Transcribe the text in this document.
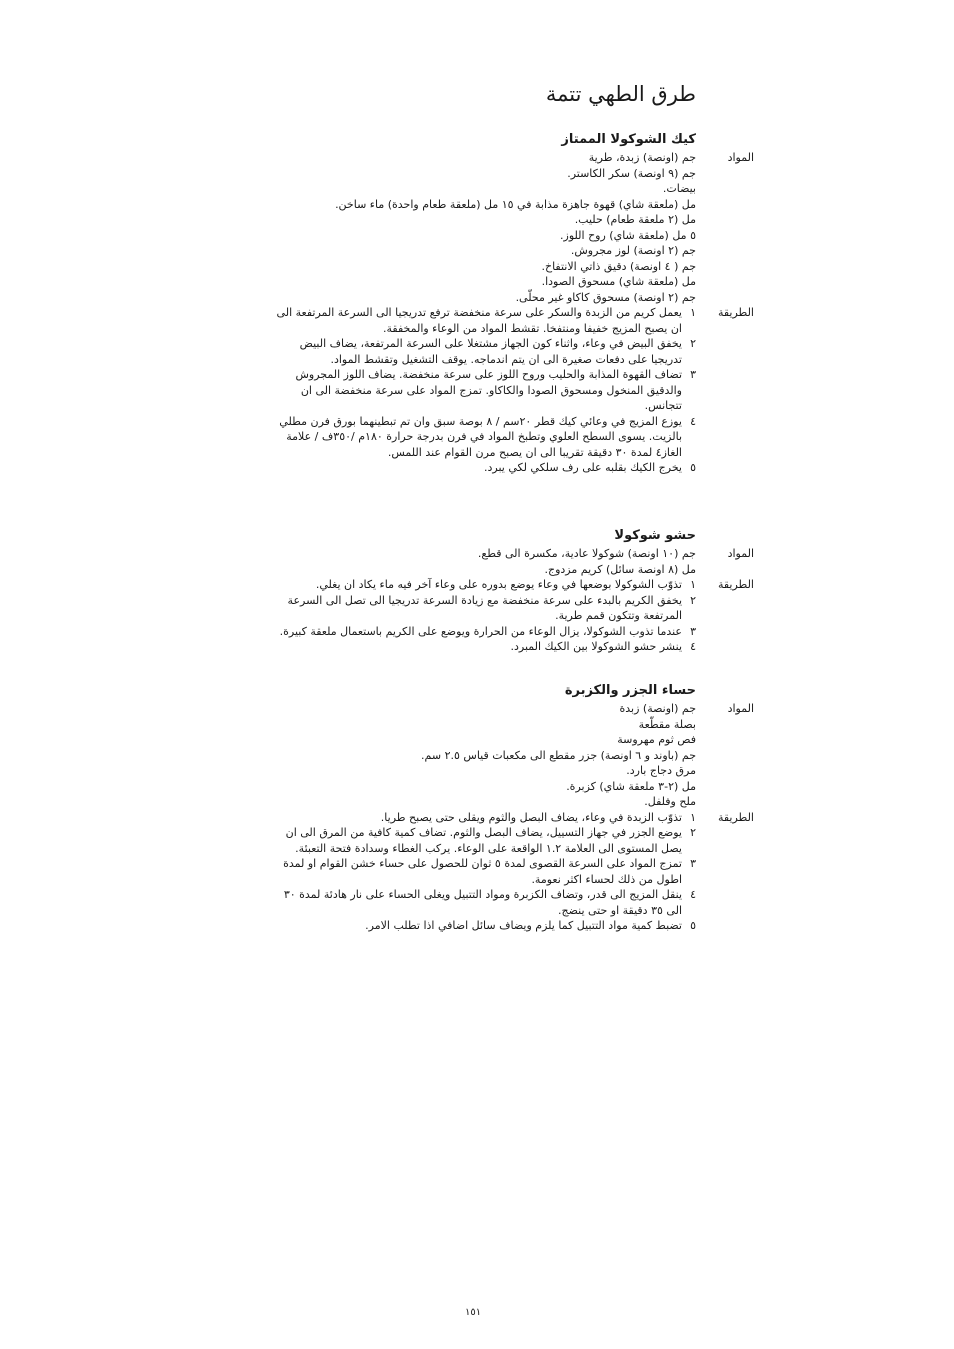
طرق الطهي تتمة
كيك الشوكولا الممتاز
المواد
جم (اونصة) زبدة، طرية
جم (٩ اونصة) سكر الكاستر.
بيضات.
مل (ملعقة شاي) قهوة جاهزة مذابة في ١٥ مل (ملعقة طعام واحدة) ماء ساخن.
مل (٢ ملعقة طعام) حليب.
٥ مل (ملعقة شاي) روح اللوز.
جم (٢ اونصة) لوز مجروش.
جم ( ٤ اونصة) دقيق ذاتي الانتفاخ.
مل (ملعقة شاي) مسحوق الصودا.
جم (٢ اونصة) مسحوق كاكاو غير محلّى.
الطريقة
١
يعمل كريم من الزبدة والسكر على سرعة منخفضة ترفع تدريجيا الى السرعة المرتفعة الى ان يصبح المزيج خفيفا ومنتفخا. تقشط المواد من الوعاء والمخفقة.
٢
يخفق البيض في وعاء، واثناء كون الجهاز مشتغلا على السرعة المرتفعة، يضاف البيض تدريجيا على دفعات صغيرة الى ان يتم اندماجه. يوقف التشغيل وتقشط المواد.
٣
تضاف القهوة المذابة والحليب وروح اللوز على سرعة منخفضة. يضاف اللوز المجروش والدقيق المنخول ومسحوق الصودا والكاكاو. تمزج المواد على سرعة منخفضة الى ان تتجانس.
٤
يوزع المزيج في وعائي كيك قطر ٢٠سم / ٨ بوصة سبق وان تم تبطينهما بورق فرن مطلي بالزيت. يسوى السطح العلوي وتطبخ المواد في فرن بدرجة حرارة ١٨٠م /٣٥٠ف / علامة الغاز٤ لمدة ٣٠ دقيقة تقريبا الى ان يصبح مرن القوام عند اللمس.
٥
يخرج الكيك بقلبه على رف سلكي لكي يبرد.
حشو شوكولا
المواد
جم (١٠ اونصة) شوكولا عادية، مكسرة الى قطع.
مل (٨ اونصة سائل) كريم مزدوج.
الطريقة
١
تذوّب الشوكولا بوضعها في وعاء يوضع بدوره على وعاء آخر فيه ماء يكاد ان يغلي.
٢
يخفق الكريم بالبدء على سرعة منخفضة مع زيادة السرعة تدريجيا الى تصل الى السرعة المرتفعة وتتكون قمم طرية.
٣
عندما تذوب الشوكولا، يزال الوعاء من الحرارة ويوضع على الكريم باستعمال ملعقة كبيرة.
٤
ينشر حشو الشوكولا بين الكيك المبرد.
حساء الجزر والكزبرة
المواد
جم (اونصة) زبدة
بصلة مقطّعة
فص ثوم مهروسة
جم (باوند و ٦ اونصة) جزر مقطع الى مكعبات قياس ٢.٥ سم.
مرق دجاج بارد.
مل (٢-٣ ملعقة شاي) كزبرة.
ملح وفلفل.
الطريقة
١
تذوّب الزبدة في وعاء، يضاف البصل والثوم ويقلى حتى يصبح طريا.
٢
يوضع الجزر في جهاز التسييل، يضاف البصل والثوم. تضاف كمية كافية من المرق الى ان يصل المستوى الى العلامة ١.٢ الواقعة على الوعاء. يركب الغطاء وسدادة فتحة التعبئة.
٣
تمزج المواد على السرعة القصوى لمدة ٥ ثوان للحصول على حساء خشن القوام او لمدة اطول من ذلك لحساء اكثر نعومة.
٤
ينقل المزيج الى قدر، وتضاف الكزبرة ومواد التتبيل ويغلى الحساء على نار هادئة لمدة ٣٠ الى ٣٥ دقيقة او حتى ينضج.
٥
تضبط كمية مواد التتبيل كما يلزم ويضاف سائل اضافي اذا تطلب الامر.
١٥١
